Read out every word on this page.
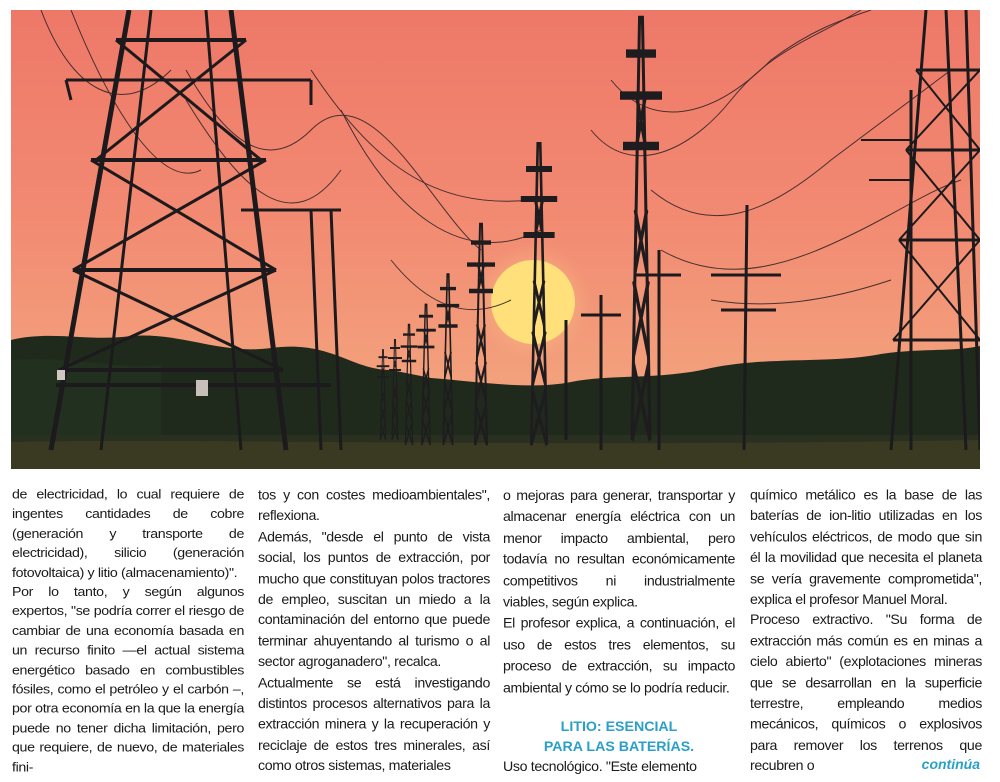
de electricidad, lo cual requiere de ingentes cantidades de cobre (generación y transporte de electricidad), silicio (generación fotovoltaica) y litio (almacenamiento)".

Por lo tanto, y según algunos expertos, "se podría correr el riesgo de cambiar de una economía basada en un recurso finito —el actual sistema energético basado en combustibles fósiles, como el petróleo y el carbón –, por otra economía en la que la energía puede no tener dicha limitación, pero que requiere, de nuevo, de materiales fini-

tos y con costes medioambientales", reflexiona.

Además, "desde el punto de vista social, los puntos de extracción, por mucho que constituyan polos tractores de empleo, suscitan un miedo a la contaminación del entorno que puede terminar ahuyentando al turismo o al sector agroganadero", recalca.

Actualmente se está investigando distintos procesos alternativos para la extracción minera y la recuperación y reciclaje de estos tres minerales, así como otros sistemas, materiales

o mejoras para generar, transportar y almacenar energía eléctrica con un menor impacto ambiental, pero todavía no resultan económicamente competitivos ni industrialmente viables, según explica.

El profesor explica, a continuación, el uso de estos tres elementos, su proceso de extracción, su impacto ambiental y cómo se lo podría reducir.

LITIO: ESENCIAL
PARA LAS BATERÍAS.

Uso tecnológico. "Este elemento

químico metálico es la base de las baterías de ion-litio utilizadas en los vehículos eléctricos, de modo que sin él la movilidad que necesita el planeta se vería gravemente comprometida", explica el profesor Manuel Moral.

Proceso extractivo. "Su forma de extracción más común es en minas a cielo abierto" (explotaciones mineras que se desarrollan en la superficie terrestre, empleando medios mecánicos, químicos o explosivos para remover los terrenos que recubren o	continúa
